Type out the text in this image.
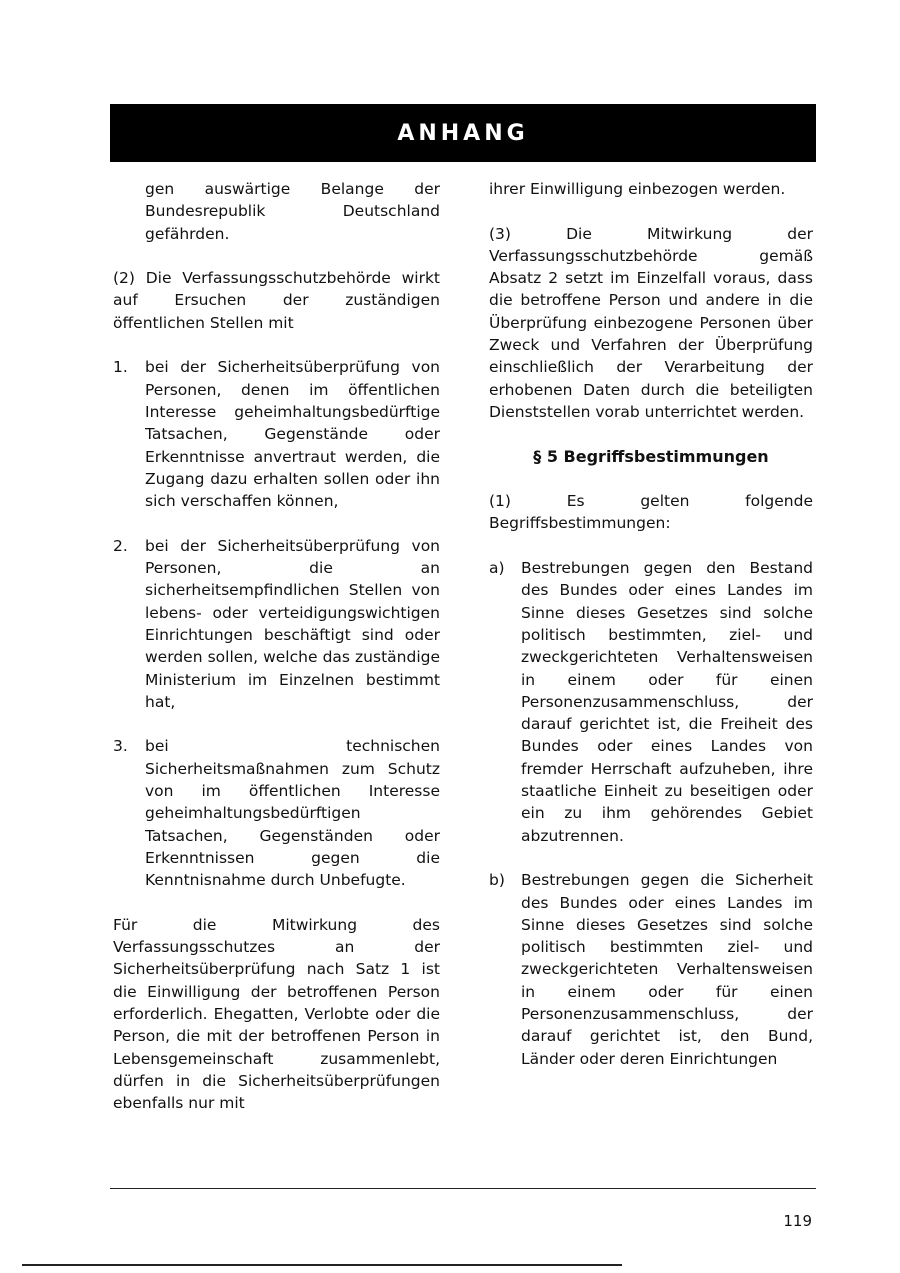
ANHANG

gen auswärtige Belange der Bundesrepublik Deutschland gefährden.

(2) Die Verfassungsschutzbehörde wirkt auf Ersuchen der zuständigen öffentlichen Stellen mit

1.	bei der Sicherheitsüberprüfung von Personen, denen im öffentlichen Interesse geheimhaltungsbedürftige Tatsachen, Gegenstände oder Erkenntnisse anvertraut werden, die Zugang dazu erhalten sollen oder ihn sich verschaffen können,
2.	bei der Sicherheitsüberprüfung von Personen, die an sicherheitsempfindlichen Stellen von lebens- oder verteidigungswichtigen Einrichtungen beschäftigt sind oder werden sollen, welche das zuständige Ministerium im Einzelnen bestimmt hat,
3.	bei technischen Sicherheitsmaßnahmen zum Schutz von im öffentlichen Interesse geheimhaltungsbedürftigen Tatsachen, Gegenständen oder Erkenntnissen gegen die Kenntnisnahme durch Unbefugte.

Für die Mitwirkung des Verfassungsschutzes an der Sicherheitsüberprüfung nach Satz 1 ist die Einwilligung der betroffenen Person erforderlich. Ehegatten, Verlobte oder die Person, die mit der betroffenen Person in Lebensgemeinschaft zusammenlebt, dürfen in die Sicherheitsüberprüfungen ebenfalls nur mit

ihrer Einwilligung einbezogen werden.

(3) Die Mitwirkung der Verfassungsschutzbehörde gemäß Absatz 2 setzt im Einzelfall voraus, dass die betroffene Person und andere in die Überprüfung einbezogene Personen über Zweck und Verfahren der Überprüfung einschließlich der Verarbeitung der erhobenen Daten durch die beteiligten Dienststellen vorab unterrichtet werden.

§ 5 Begriffsbestimmungen

(1) Es gelten folgende Begriffsbestimmungen:

a)	Bestrebungen gegen den Bestand des Bundes oder eines Landes im Sinne dieses Gesetzes sind solche politisch bestimmten, ziel- und zweckgerichteten Verhaltensweisen in einem oder für einen Personenzusammenschluss, der darauf gerichtet ist, die Freiheit des Bundes oder eines Landes von fremder Herrschaft aufzuheben, ihre staatliche Einheit zu beseitigen oder ein zu ihm gehörendes Gebiet abzutrennen.
b)	Bestrebungen gegen die Sicherheit des Bundes oder eines Landes im Sinne dieses Gesetzes sind solche politisch bestimmten ziel- und zweckgerichteten Verhaltensweisen in einem oder für einen Personenzusammenschluss, der darauf gerichtet ist, den Bund, Länder oder deren Einrichtungen
119
